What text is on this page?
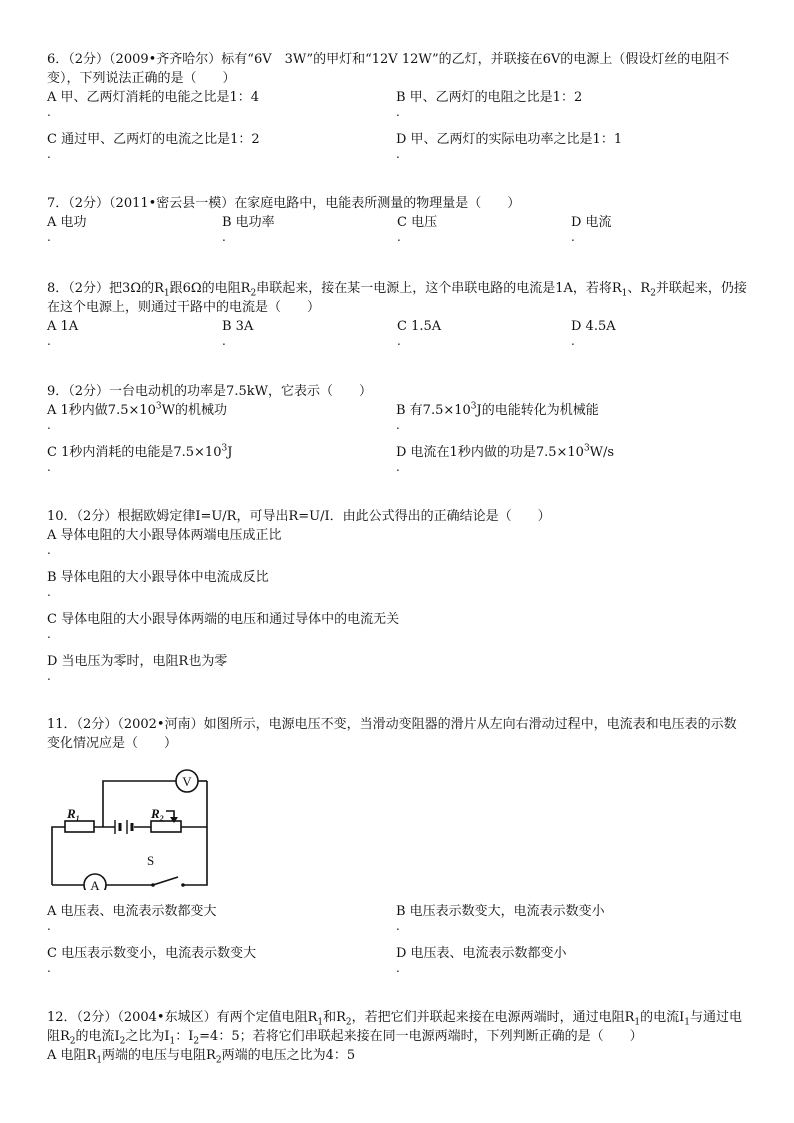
6．（2分）（2009•齐齐哈尔）标有“6V　3W”的甲灯和“12V 12W”的乙灯，并联接在6V的电源上（假设灯丝的电阻不变），下列说法正确的是（　　）

A 甲、乙两灯消耗的电能之比是1：4
.
B 甲、乙两灯的电阻之比是1：2
.
C 通过甲、乙两灯的电流之比是1：2
.
D 甲、乙两灯的实际电功率之比是1：1
.

7．（2分）（2011•密云县一模）在家庭电路中，电能表所测量的物理量是（　　）

A 电功
.
B 电功率
.
C 电压
.
D 电流
.

8．（2分）把3Ω的$R_1$跟6Ω的电阻$R_2$串联起来，接在某一电源上，这个串联电路的电流是1A，若将$R_1$、$R_2$并联起来，仍接在这个电源上，则通过干路中的电流是（　　）

A 1A
.
B 3A
.
C 1.5A
.
D 4.5A
.

9．（2分）一台电动机的功率是7.5kW，它表示（　　）

A 1秒内做$7.5\times 10^3W$的机械功
.
B 有$7.5\times 10^3J$的电能转化为机械能
.
C 1秒内消耗的电能是$7.5\times 10^3J$
.
D 电流在1秒内做的功是$7.5\times 10^3W/s$
.

10．（2分）根据欧姆定律I=U/R，可导出R=U/I．由此公式得出的正确结论是（　　）

A 导体电阻的大小跟导体两端电压成正比
.
B 导体电阻的大小跟导体中电流成反比
.
C 导体电阻的大小跟导体两端的电压和通过导体中的电流无关
.
D 当电压为零时，电阻R也为零
.

11．（2分）（2002•河南）如图所示，电源电压不变，当滑动变阻器的滑片从左向右滑动过程中，电流表和电压表的示数变化情况应是（　　）

V
A
$R_1$	$R_2$
S
A 电压表、电流表示数都变大
.
B 电压表示数变大，电流表示数变小
.
C 电压表示数变小，电流表示数变大
.
D 电压表、电流表示数都变小
.

12．（2分）（2004•东城区）有两个定值电阻$R_1$和$R_2$，若把它们并联起来接在电源两端时，通过电阻$R_1$的电流$I_1$与通过电阻$R_2$的电流$I_2$之比为$I_1$：$I_2=4$：5；若将它们串联起来接在同一电源两端时，下列判断正确的是（　　）

A 电阻$R_1$两端的电压与电阻$R_2$两端的电压之比为4：5
